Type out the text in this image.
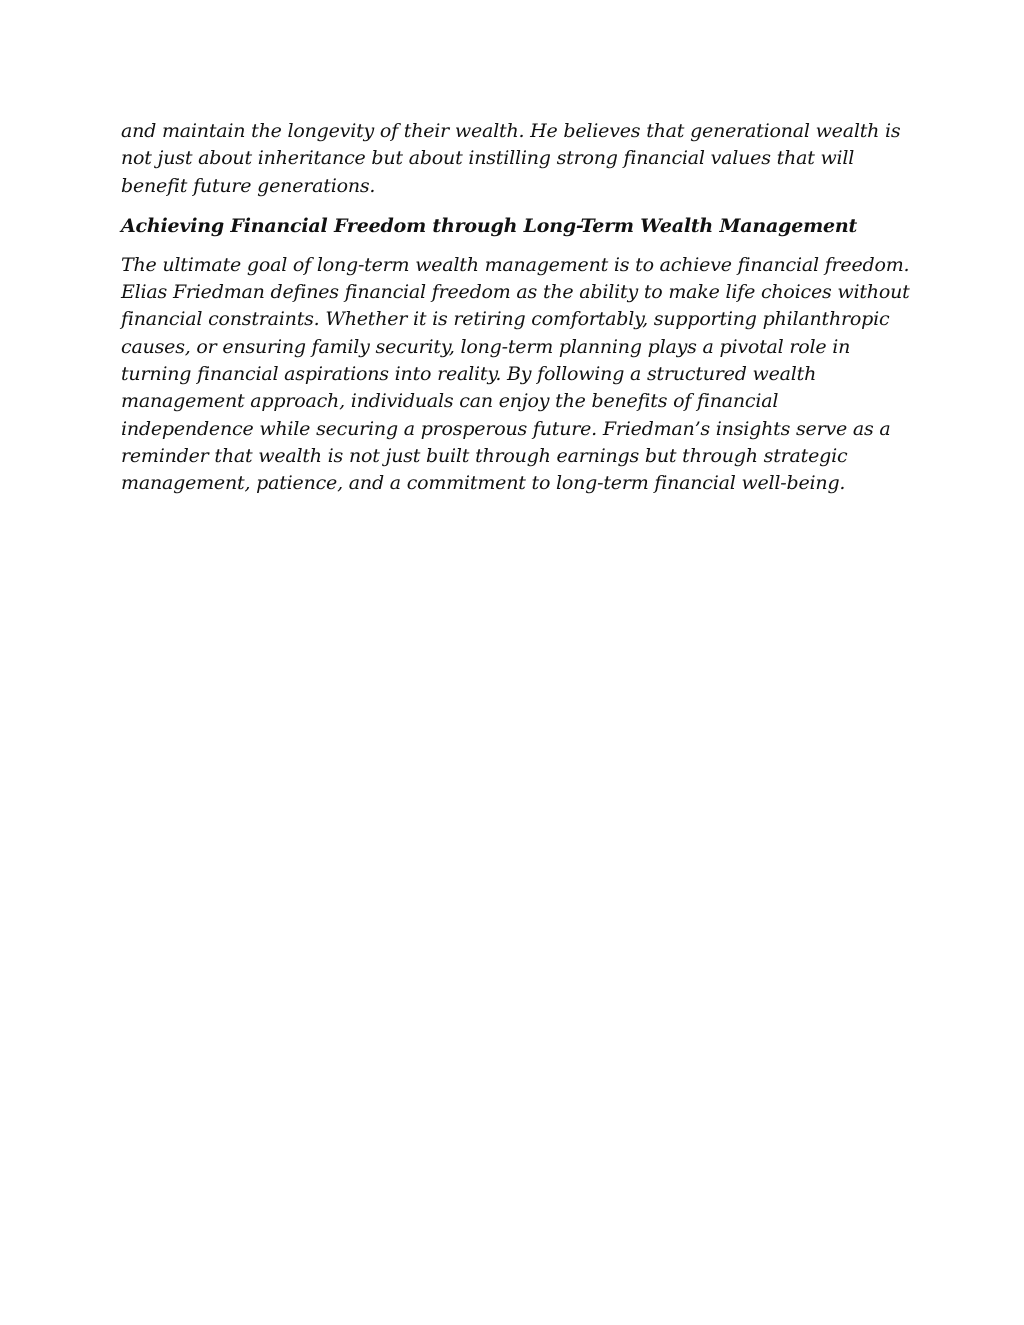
and maintain the longevity of their wealth. He believes that generational wealth is not just about inheritance but about instilling strong financial values that will benefit future generations.

Achieving Financial Freedom through Long-Term Wealth Management

The ultimate goal of long-term wealth management is to achieve financial freedom. Elias Friedman defines financial freedom as the ability to make life choices without financial constraints. Whether it is retiring comfortably, supporting philanthropic causes, or ensuring family security, long-term planning plays a pivotal role in turning financial aspirations into reality. By following a structured wealth management approach, individuals can enjoy the benefits of financial independence while securing a prosperous future. Friedman’s insights serve as a reminder that wealth is not just built through earnings but through strategic management, patience, and a commitment to long-term financial well-being.
